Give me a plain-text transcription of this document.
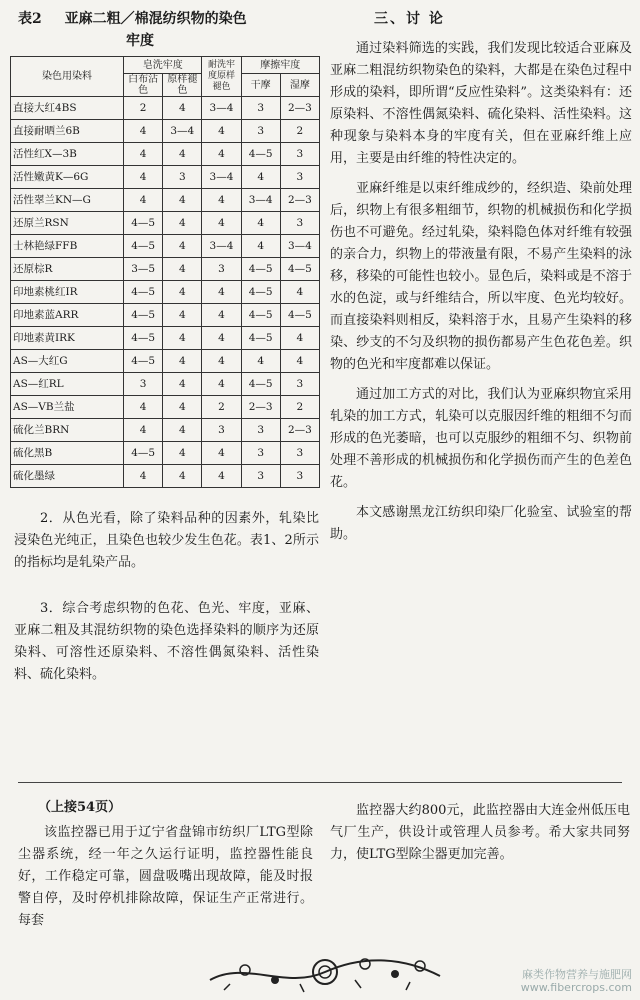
表2 亚麻二粗／棉混纺织物的染色
牢度
染色用染料	皂洗牢度		耐洗牢度原样褪色	摩擦牢度	
	白布沾色	原样褪色		干摩	湿摩
直接大红4BS	2	4	3—4	3	2—3
直接耐晒兰6B	4	3—4	4	3	2
活性红X—3B	4	4	4	4—5	3
活性嫩黄K—6G	4	3	3—4	4	3
活性翠兰KN—G	4	4	4	3—4	2—3
还原兰RSN	4—5	4	4	4	3
士林艳绿FFB	4—5	4	3—4	4	3—4
还原棕R	3—5	4	3	4—5	4—5
印地素桃红IR	4—5	4	4	4—5	4
印地素蓝ARR	4—5	4	4	4—5	4—5
印地素黄IRK	4—5	4	4	4—5	4
AS—大红G	4—5	4	4	4	4
AS—红RL	3	4	4	4—5	3
AS—VB兰盐	4	4	2	2—3	2
硫化兰BRN	4	4	3	3	2—3
硫化黑B	4—5	4	4	3	3
硫化墨绿	4	4	4	3	3

2．从色光看，除了染料品种的因素外，轧染比浸染色光纯正，且染色也较少发生色花。表1、2所示的指标均是轧染产品。

3．综合考虑织物的色花、色光、牢度，亚麻、亚麻二粗及其混纺织物的染色选择染料的顺序为还原染料、可溶性还原染料、不溶性偶氮染料、活性染料、硫化染料。

三、讨 论

通过染料筛选的实践，我们发现比较适合亚麻及亚麻二粗混纺织物染色的染料，大都是在染色过程中形成的染料，即所谓“反应性染料”。这类染料有：还原染料、不溶性偶氮染料、硫化染料、活性染料。这种现象与染料本身的牢度有关，但在亚麻纤维上应用，主要是由纤维的特性决定的。

亚麻纤维是以束纤维成纱的，经织造、染前处理后，织物上有很多粗细节，织物的机械损伤和化学损伤也不可避免。经过轧染，染料隐色体对纤维有较强的亲合力，织物上的带液量有限，不易产生染料的泳移，移染的可能性也较小。显色后，染料或是不溶于水的色淀，或与纤维结合，所以牢度、色光均较好。而直接染料则相反，染料溶于水，且易产生染料的移染、纱支的不匀及织物的损伤都易产生色花色差。织物的色光和牢度都难以保证。

通过加工方式的对比，我们认为亚麻织物宜采用轧染的加工方式，轧染可以克服因纤维的粗细不匀而形成的色光萎暗，也可以克服纱的粗细不匀、织物前处理不善形成的机械损伤和化学损伤而产生的色差色花。

本文感谢黑龙江纺织印染厂化验室、试验室的帮助。

（上接54页）

该监控器已用于辽宁省盘锦市纺织厂LTG型除尘器系统，经一年之久运行证明，监控器性能良好，工作稳定可靠，圆盘吸嘴出现故障，能及时报警自停，及时停机排除故障，保证生产正常进行。每套

监控器大约800元，此监控器由大连金州低压电气厂生产，供设计或管理人员参考。希大家共同努力，使LTG型除尘器更加完善。

麻类作物营养与施肥网
www.fibercrops.com
